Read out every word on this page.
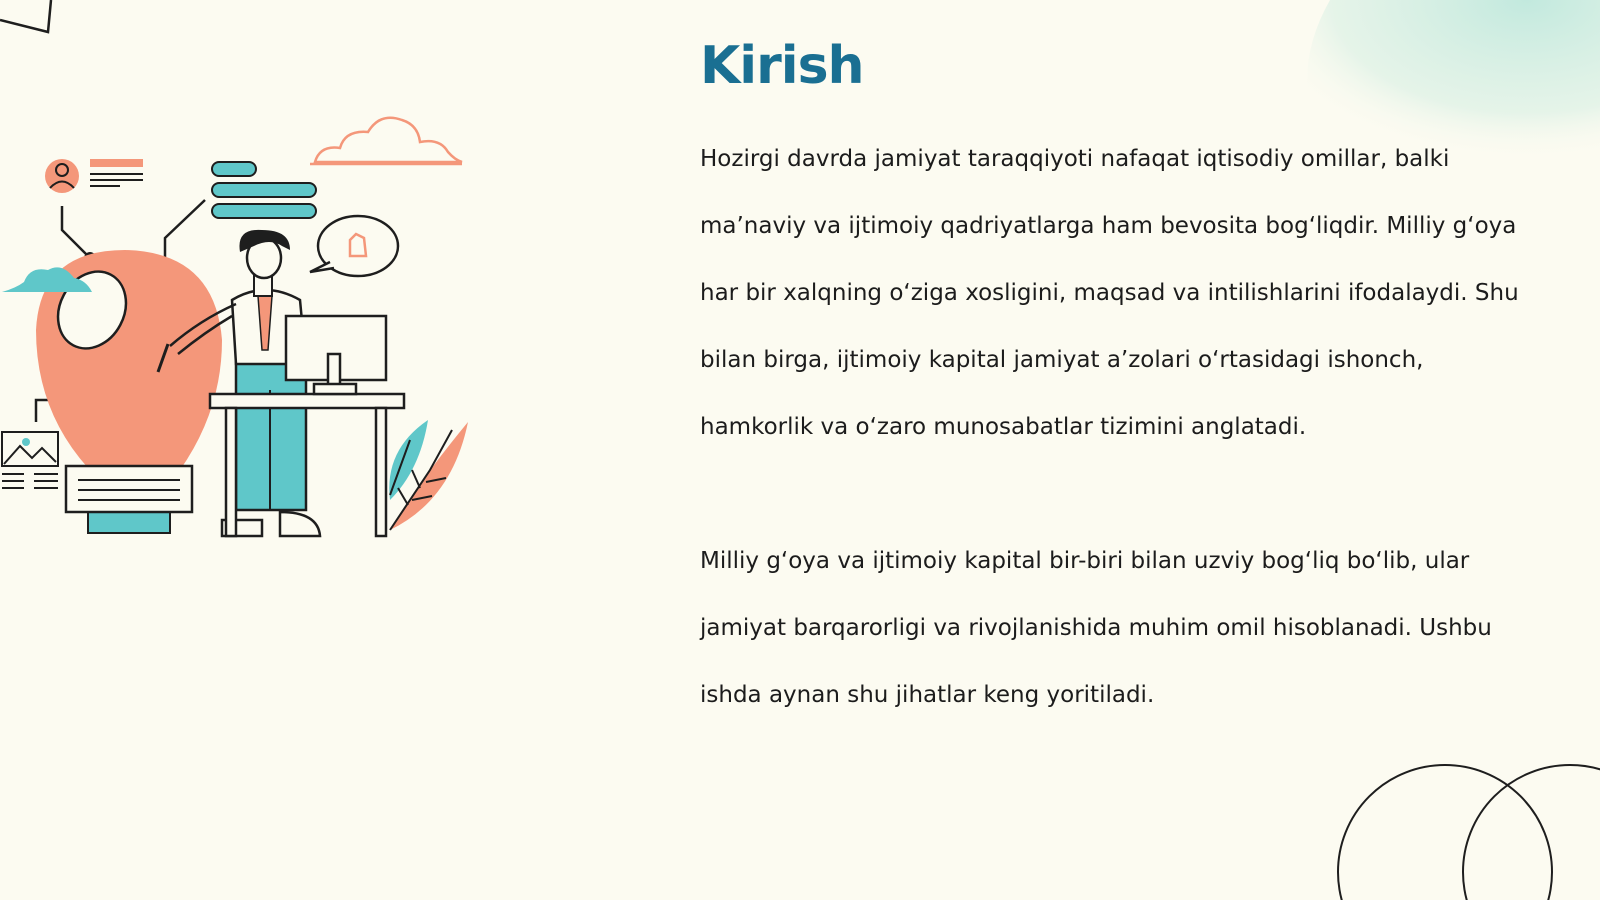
Kirish

Hozirgi davrda jamiyat taraqqiyoti nafaqat iqtisodiy omillar, balki ma’naviy va ijtimoiy qadriyatlarga ham bevosita bog‘liqdir. Milliy g‘oya har bir xalqning o‘ziga xosligini, maqsad va intilishlarini ifodalaydi. Shu bilan birga, ijtimoiy kapital jamiyat a’zolari o‘rtasidagi ishonch, hamkorlik va o‘zaro munosabatlar tizimini anglatadi.

Milliy g‘oya va ijtimoiy kapital bir-biri bilan uzviy bog‘liq bo‘lib, ular jamiyat barqarorligi va rivojlanishida muhim omil hisoblanadi. Ushbu ishda aynan shu jihatlar keng yoritiladi.
